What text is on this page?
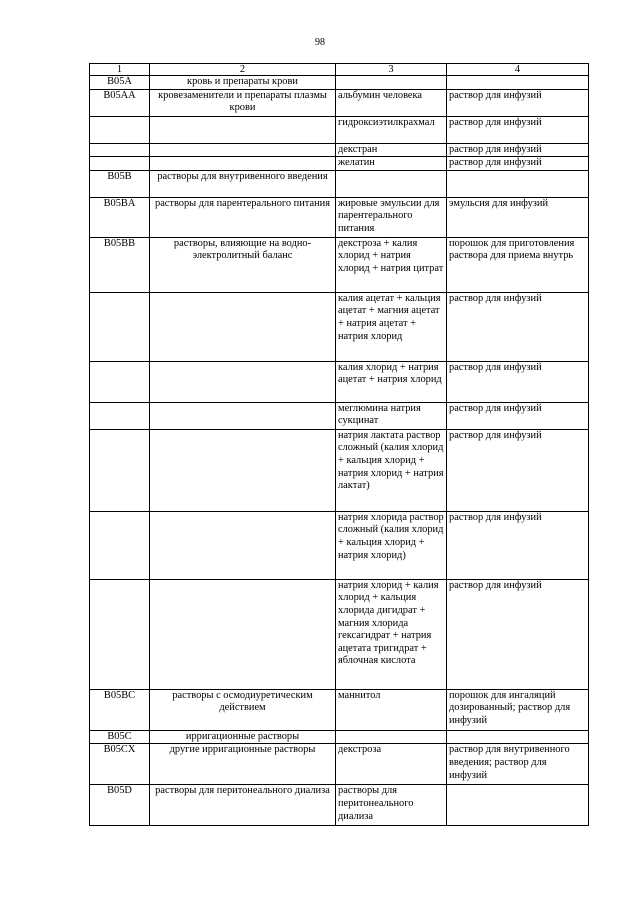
98
1	2	3	4
B05A	кровь и препараты крови		
B05AA	кровезаменители и препараты плазмы крови	альбумин человека	раствор для инфузий
		гидроксиэтилкрахмал	раствор для инфузий
		декстран	раствор для инфузий
		желатин	раствор для инфузий
B05B	растворы для внутривенного введения		
B05BA	растворы для парентерального питания	жировые эмульсии для парентерального питания	эмульсия для инфузий
B05BB	растворы, влияющие на водно-электролитный баланс	декстроза + калия хлорид + натрия хлорид + натрия цитрат	порошок для приготовления раствора для приема внутрь
		калия ацетат + кальция ацетат + магния ацетат + натрия ацетат + натрия хлорид	раствор для инфузий
		калия хлорид + натрия ацетат + натрия хлорид	раствор для инфузий
		меглюмина натрия сукцинат	раствор для инфузий
		натрия лактата раствор сложный (калия хлорид + кальция хлорид + натрия хлорид + натрия лактат)	раствор для инфузий
		натрия хлорида раствор сложный (калия хлорид + кальция хлорид + натрия хлорид)	раствор для инфузий
		натрия хлорид + калия хлорид + кальция хлорида дигидрат + магния хлорида гексагидрат + натрия ацетата тригидрат + яблочная кислота	раствор для инфузий
B05BC	растворы с осмодиуретическим действием	маннитол	порошок для ингаляций дозированный; раствор для инфузий
B05C	ирригационные растворы		
B05CX	другие ирригационные растворы	декстроза	раствор для внутривенного введения; раствор для инфузий
B05D	растворы для перитонеального диализа	растворы для перитонеального диализа	
